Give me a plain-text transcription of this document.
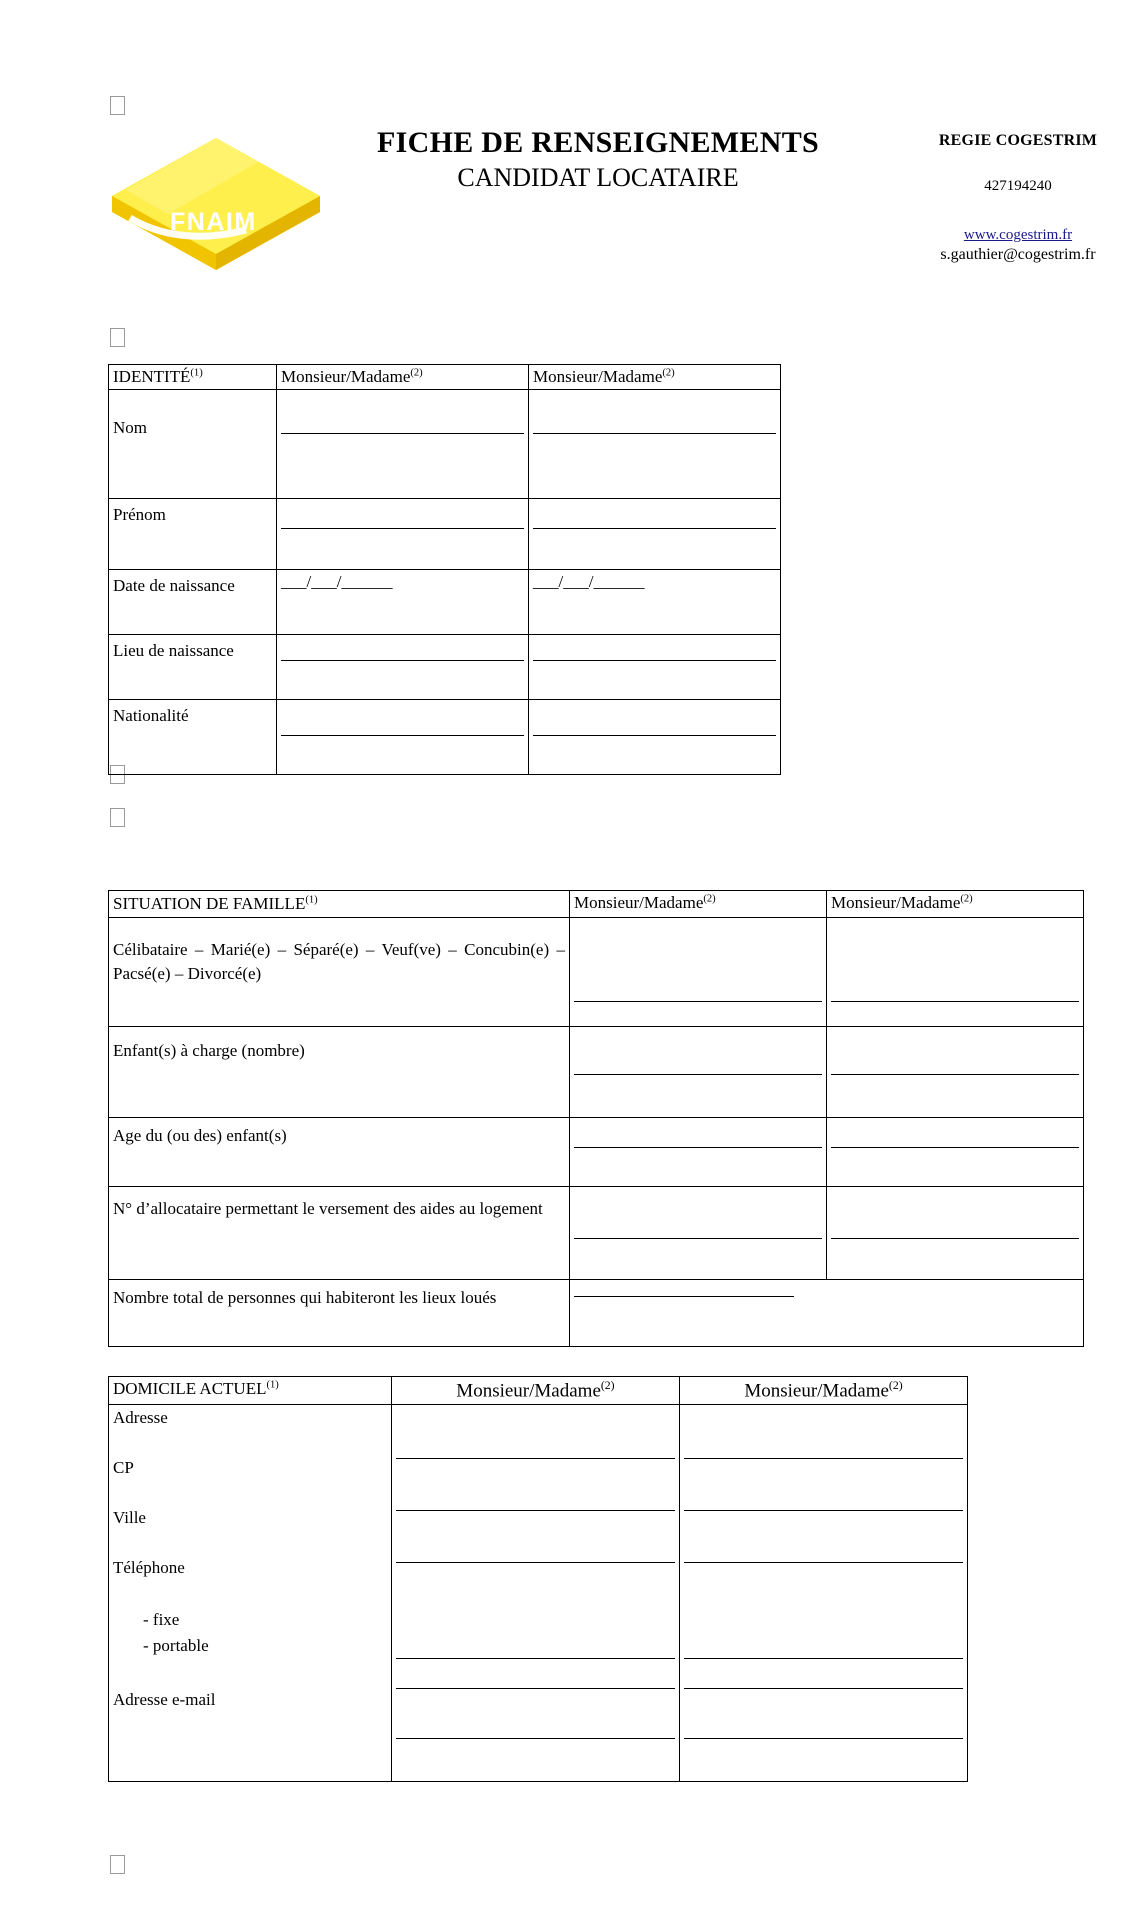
FNAIM
FICHE DE RENSEIGNEMENTS
CANDIDAT LOCATAIRE
REGIE COGESTRIM
427194240
www.cogestrim.fr
s.gauthier@cogestrim.fr
IDENTITÉ$^{(1)}$	Monsieur/Madame$^{(2)}$	Monsieur/Madame$^{(2)}$
Nom	

Prénom	

Date de naissance	___/___/______	___/___/______
Lieu de naissance	

Nationalité	

SITUATION DE FAMILLE$^{(1)}$	Monsieur/Madame$^{(2)}$	Monsieur/Madame$^{(2)}$
Célibataire – Marié(e) – Séparé(e) – Veuf(ve) – Concubin(e) – Pacsé(e) – Divorcé(e)	

Enfant(s) à charge (nombre)	

Age du (ou des) enfant(s)	

N° d’allocataire permettant le versement des aides au logement	

Nombre total de personnes qui habiteront les lieux loués		
DOMICILE ACTUEL$^{(1)}$	Monsieur/Madame$^{(2)}$	Monsieur/Madame$^{(2)}$

Adresse
CP
Ville
Téléphone
- fixe
- portable
Adresse e-mail
